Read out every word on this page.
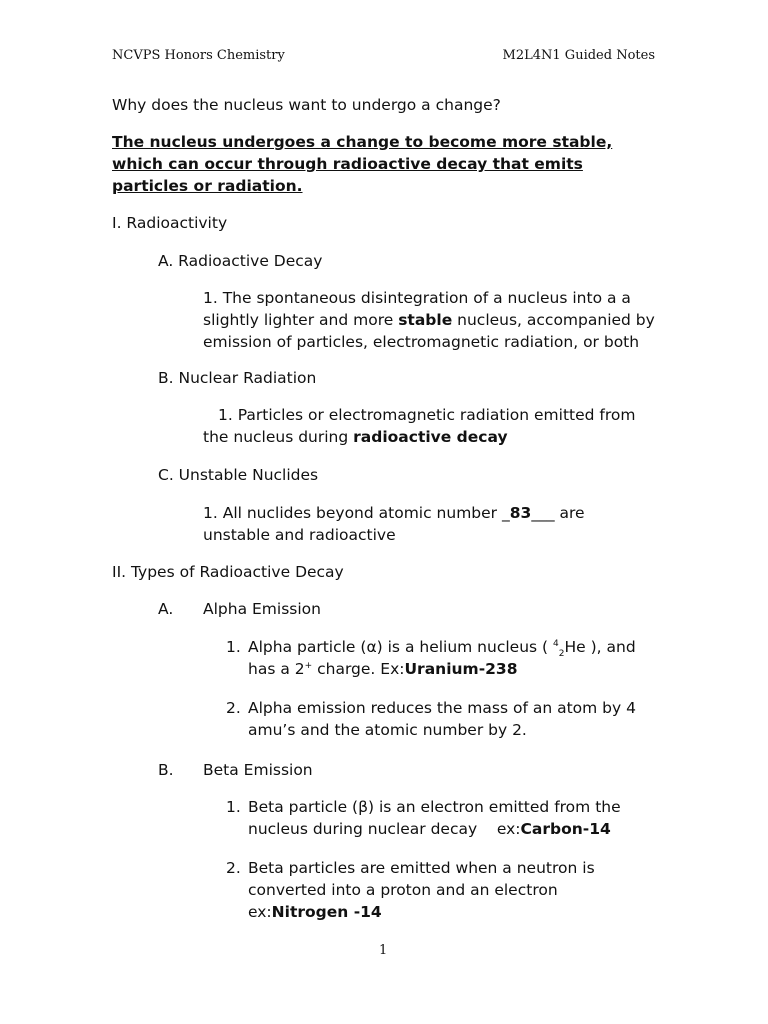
NCVPS Honors Chemistry	M2L4N1 Guided Notes
Why does the nucleus want to undergo a change?
The nucleus undergoes a change to become more stable,
which can occur through radioactive decay that emits
particles or radiation.
I. Radioactivity
A. Radioactive Decay
1. The spontaneous disintegration of a nucleus into a a
slightly lighter and more stable nucleus, accompanied by
emission of particles, electromagnetic radiation, or both
B. Nuclear Radiation
1. Particles or electromagnetic radiation emitted from
the nucleus during radioactive decay
C. Unstable Nuclides
1. All nuclides beyond atomic number _83___ are
unstable and radioactive
II. Types of Radioactive Decay
A. Alpha Emission
1. Alpha particle (α) is a helium nucleus ( $^4_2$He ), and
has a 2+ charge. Ex:Uranium-238
2. Alpha emission reduces the mass of an atom by 4
amu’s and the atomic number by 2.
B. Beta Emission
1. Beta particle (β) is an electron emitted from the
nucleus during nuclear decay    ex:Carbon-14
2. Beta particles are emitted when a neutron is
converted into a proton and an electron
ex:Nitrogen -14
1
